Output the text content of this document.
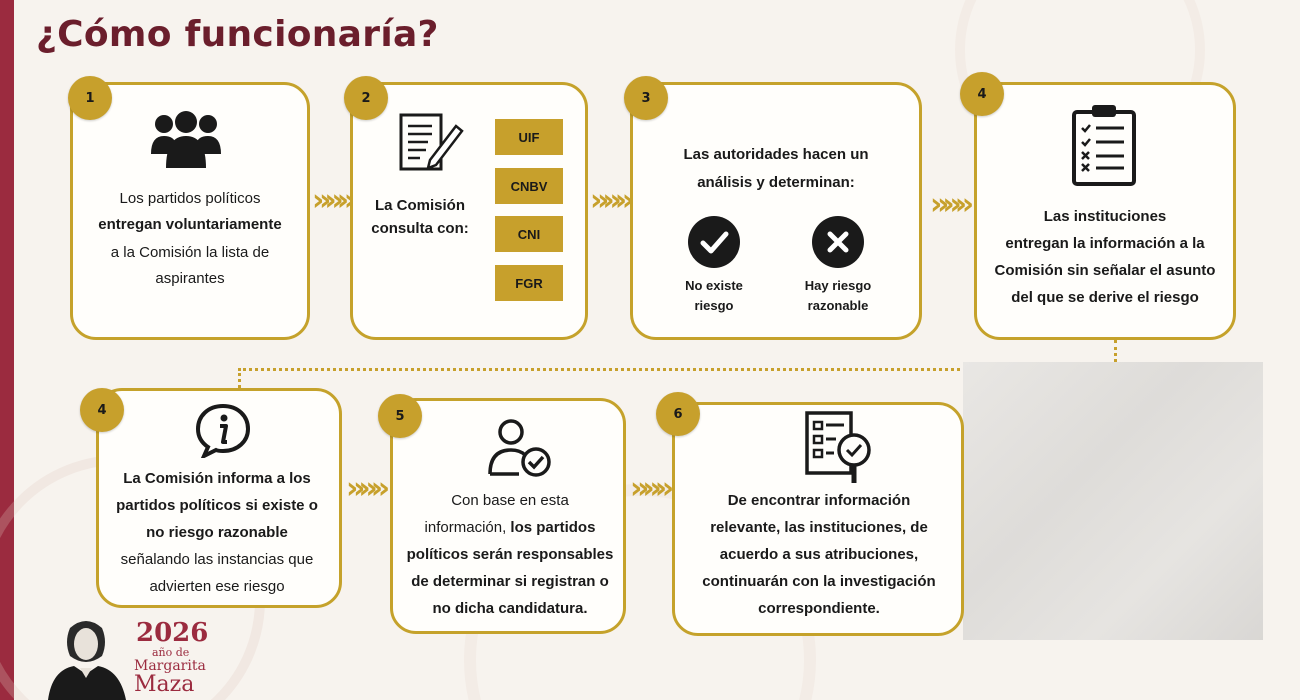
¿Cómo funcionaría?
1
Los partidos políticos
entregan voluntariamente
a la Comisión la lista de
aspirantes
»»»
2
La Comisión
consulta con:
UIF
CNBV
CNI
FGR
»»»
3
Las autoridades hacen un
análisis y determinan:
No existe
riesgo
Hay riesgo
razonable
»»»
4
Las instituciones
entregan la información a la
Comisión sin señalar el asunto
del que se derive el riesgo
4
La Comisión informa a los
partidos políticos si existe o
no riesgo razonable
señalando las instancias que
advierten ese riesgo
»»»
5
Con base en esta
información, los partidos
políticos serán responsables
de determinar si registran o
no dicha candidatura.
»»»
6
De encontrar información
relevante, las instituciones, de
acuerdo a sus atribuciones,
continuarán con la investigación
correspondiente.
2026
año de
Margarita
Maza
